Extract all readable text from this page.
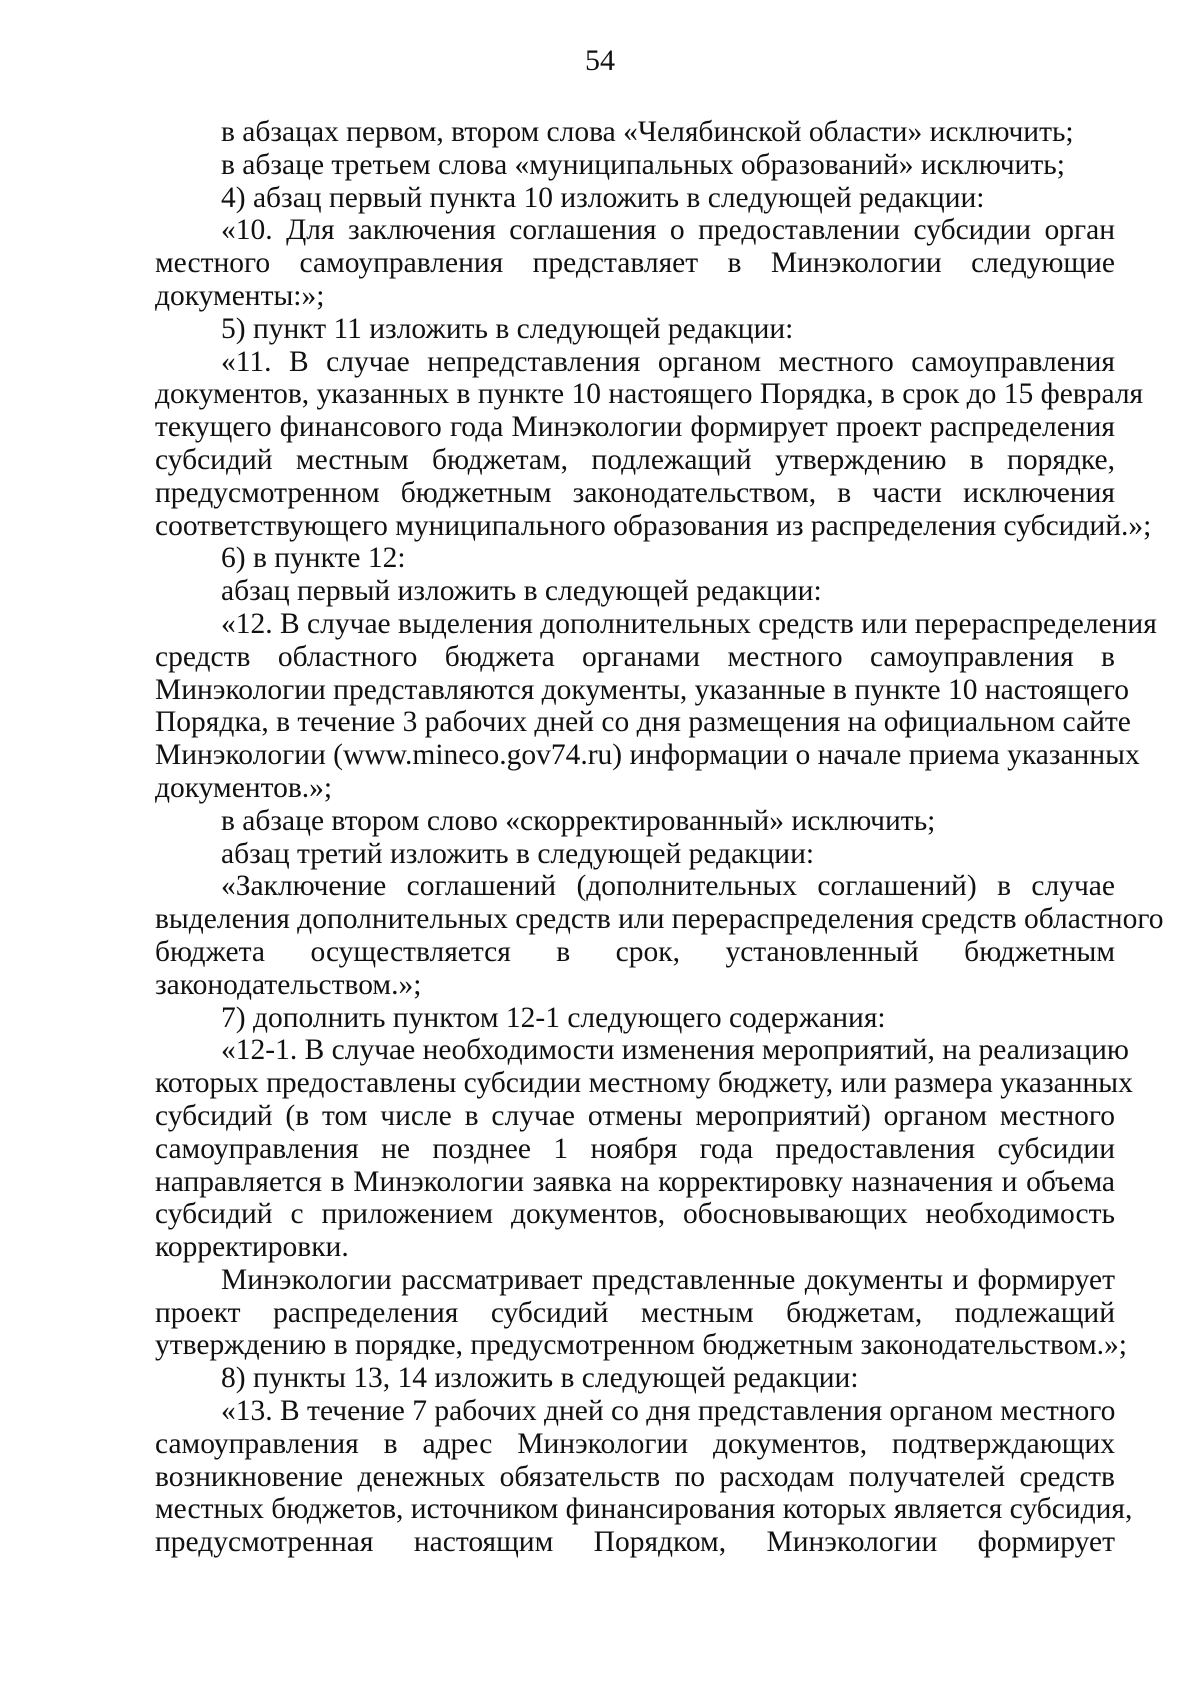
54
в абзацах первом, втором слова «Челябинской области» исключить;
в абзаце третьем слова «муниципальных образований» исключить;
4) абзац первый пункта 10 изложить в следующей редакции:
«10. Для заключения соглашения о предоставлении субсидии орган
местного самоуправления представляет в Минэкологии следующие
документы:»;
5) пункт 11 изложить в следующей редакции:
«11. В случае непредставления органом местного самоуправления
документов, указанных в пункте 10 настоящего Порядка, в срок до 15 февраля
текущего финансового года Минэкологии формирует проект распределения
субсидий местным бюджетам, подлежащий утверждению в порядке,
предусмотренном бюджетным законодательством, в части исключения
соответствующего муниципального образования из распределения субсидий.»;
6) в пункте 12:
абзац первый изложить в следующей редакции:
«12. В случае выделения дополнительных средств или перераспределения
средств областного бюджета органами местного самоуправления в
Минэкологии представляются документы, указанные в пункте 10 настоящего
Порядка, в течение 3 рабочих дней со дня размещения на официальном сайте
Минэкологии (www.mineco.gov74.ru) информации о начале приема указанных
документов.»;
в абзаце втором слово «скорректированный» исключить;
абзац третий изложить в следующей редакции:
«Заключение соглашений (дополнительных соглашений) в случае
выделения дополнительных средств или перераспределения средств областного
бюджета осуществляется в срок, установленный бюджетным
законодательством.»;
7) дополнить пунктом 12-1 следующего содержания:
«12-1. В случае необходимости изменения мероприятий, на реализацию
которых предоставлены субсидии местному бюджету, или размера указанных
субсидий (в том числе в случае отмены мероприятий) органом местного
самоуправления не позднее 1 ноября года предоставления субсидии
направляется в Минэкологии заявка на корректировку назначения и объема
субсидий с приложением документов, обосновывающих необходимость
корректировки.
Минэкологии рассматривает представленные документы и формирует
проект распределения субсидий местным бюджетам, подлежащий
утверждению в порядке, предусмотренном бюджетным законодательством.»;
8) пункты 13, 14 изложить в следующей редакции:
«13. В течение 7 рабочих дней со дня представления органом местного
самоуправления в адрес Минэкологии документов, подтверждающих
возникновение денежных обязательств по расходам получателей средств
местных бюджетов, источником финансирования которых является субсидия,
предусмотренная настоящим Порядком, Минэкологии формирует
